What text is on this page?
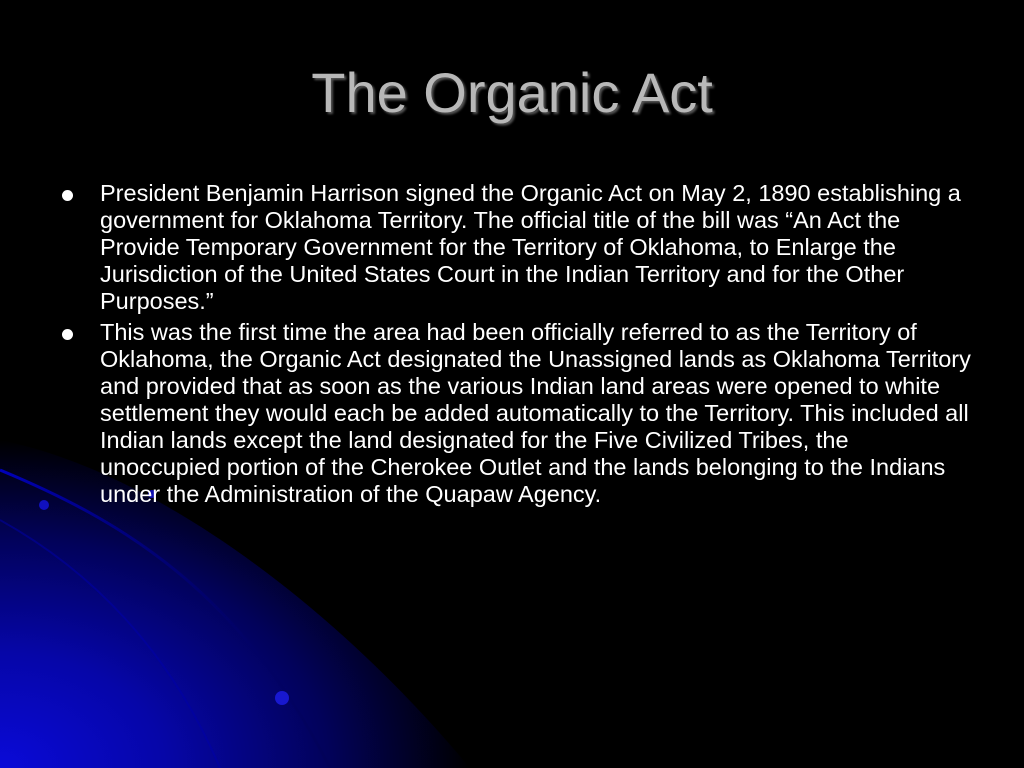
The Organic Act
President Benjamin Harrison signed the Organic Act on May 2, 1890 establishing a government for Oklahoma Territory. The official title of the bill was “An Act the Provide Temporary Government for the Territory of Oklahoma, to Enlarge the Jurisdiction of the United States Court in the Indian Territory and for the Other Purposes.”
This was the first time the area had been officially referred to as the Territory of Oklahoma, the Organic Act designated the Unassigned lands as Oklahoma Territory and provided that as soon as the various Indian land areas were opened to white settlement they would each be added automatically to the Territory. This included all Indian lands except the land designated for the Five Civilized Tribes, the unoccupied portion of the Cherokee Outlet and the lands belonging to the Indians under the Administration of the Quapaw Agency.
